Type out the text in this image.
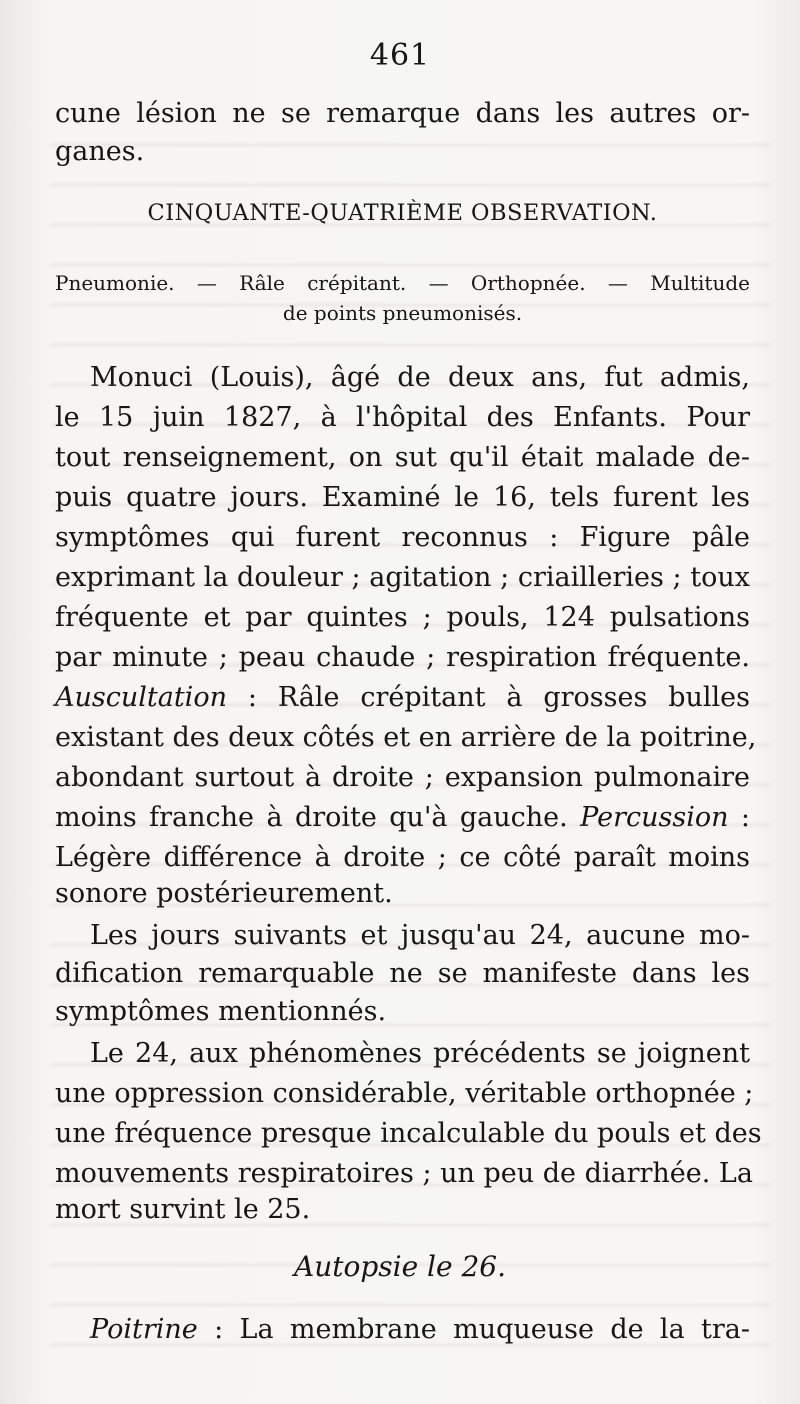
461
cune lésion ne se remarque dans les autres or-
ganes.
CINQUANTE-QUATRIÈME OBSERVATION.
Pneumonie. — Râle crépitant. — Orthopnée. — Multitude
de points pneumonisés.
Monuci (Louis), âgé de deux ans, fut admis,
le 15 juin 1827, à l'hôpital des Enfants. Pour
tout renseignement, on sut qu'il était malade de-
puis quatre jours. Examiné le 16, tels furent les
symptômes qui furent reconnus : Figure pâle
exprimant la douleur ; agitation ; criailleries ; toux
fréquente et par quintes ; pouls, 124 pulsations
par minute ; peau chaude ; respiration fréquente.
Auscultation : Râle crépitant à grosses bulles
existant des deux côtés et en arrière de la poitrine,
abondant surtout à droite ; expansion pulmonaire
moins franche à droite qu'à gauche. Percussion :
Légère différence à droite ; ce côté paraît moins
sonore postérieurement.
Les jours suivants et jusqu'au 24, aucune mo-
dification remarquable ne se manifeste dans les
symptômes mentionnés.
Le 24, aux phénomènes précédents se joignent
une oppression considérable, véritable orthopnée ;
une fréquence presque incalculable du pouls et des
mouvements respiratoires ; un peu de diarrhée. La
mort survint le 25.
Autopsie le 26.
Poitrine : La membrane muqueuse de la tra-
